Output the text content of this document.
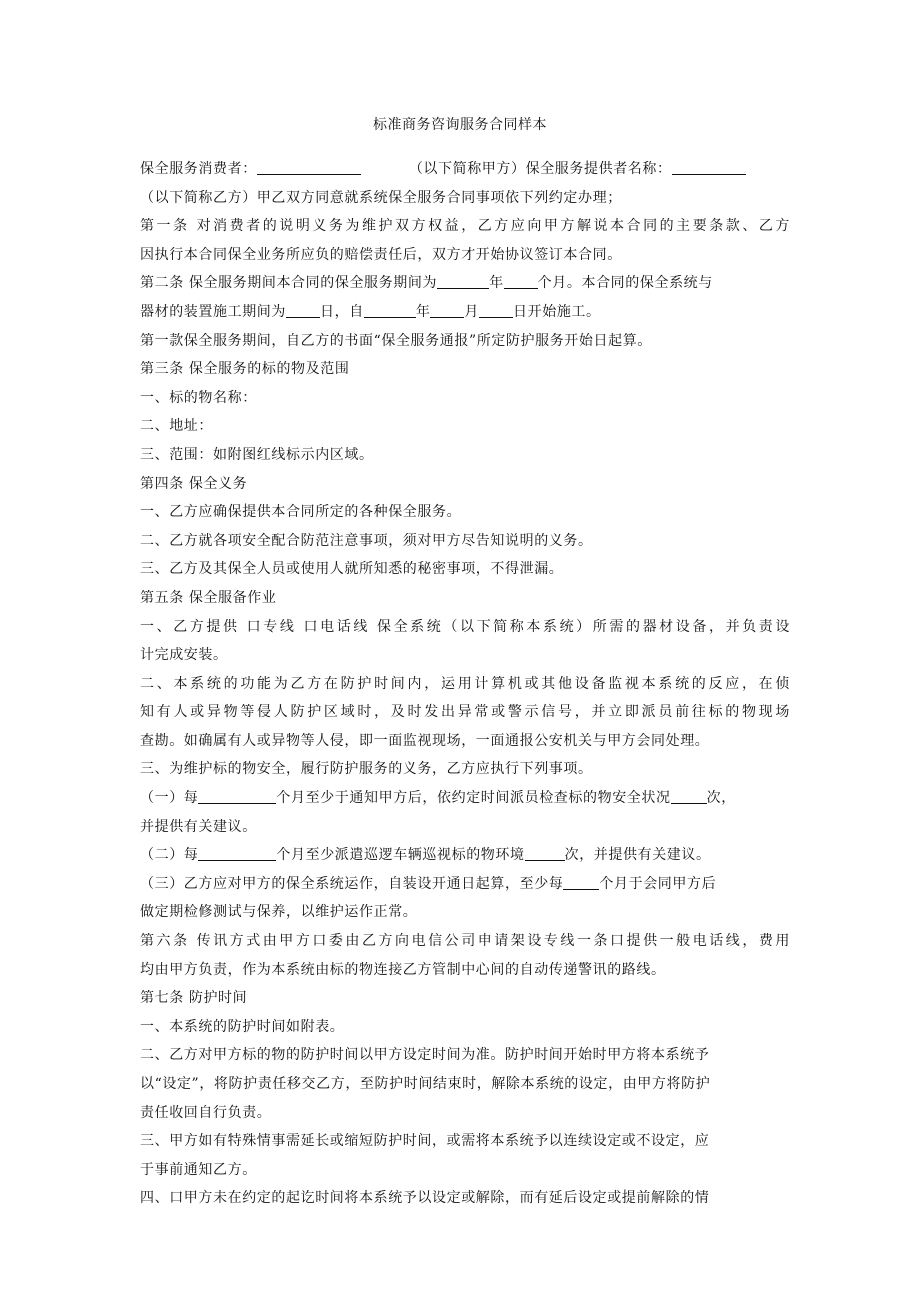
标准商务咨询服务合同样本
保全服务消费者：	（以下简称甲方）保全服务提供者名称：
（以下简称乙方）甲乙双方同意就系统保全服务合同事项依下列约定办理；
第一条 对消费者的说明义务为维护双方权益，乙方应向甲方解说本合同的主要条款、乙方
因执行本合同保全业务所应负的赔偿责任后，双方才开始协议签订本合同。
第二条 保全服务期间本合同的保全服务期间为	年 个月。本合同的保全系统与
器材的装置施工期间为 日，自	年 月 日开始施工。
第一款保全服务期间，自乙方的书面“保全服务通报”所定防护服务开始日起算。
第三条 保全服务的标的物及范围
一、标的物名称：
二、地址：
三、范围：如附图红线标示内区域。
第四条 保全义务
一、乙方应确保提供本合同所定的各种保全服务。
二、乙方就各项安全配合防范注意事项，须对甲方尽告知说明的义务。
三、乙方及其保全人员或使用人就所知悉的秘密事项，不得泄漏。
第五条 保全服备作业
一、乙方提供 口专线 口电话线 保全系统（以下简称本系统）所需的器材设备，并负责设
计完成安装。
二、本系统的功能为乙方在防护时间内，运用计算机或其他设备监视本系统的反应，在侦
知有人或异物等侵人防护区域时，及时发出异常或警示信号，并立即派员前往标的物现场
查勘。如确属有人或异物等人侵，即一面监视现场，一面通报公安机关与甲方会同处理。
三、为维护标的物安全，履行防护服务的义务，乙方应执行下列事项。
（一）每	个月至少于通知甲方后，依约定时间派员检查标的物安全状况	次，
并提供有关建议。
（二）每	个月至少派遣巡逻车辆巡视标的物环境	次，并提供有关建议。
（三）乙方应对甲方的保全系统运作，自装设开通日起算，至少每	个月于会同甲方后
做定期检修测试与保养，以维护运作正常。
第六条 传讯方式由甲方口委由乙方向电信公司申请架设专线一条口提供一般电话线，费用
均由甲方负责，作为本系统由标的物连接乙方管制中心间的自动传递警讯的路线。
第七条 防护时间
一、本系统的防护时间如附表。
二、乙方对甲方标的物的防护时间以甲方设定时间为准。防护时间开始时甲方将本系统予
以“设定”，将防护责任移交乙方，至防护时间结束时，解除本系统的设定，由甲方将防护
责任收回自行负责。
三、甲方如有特殊情事需延长或缩短防护时间，或需将本系统予以连续设定或不设定，应
于事前通知乙方。
四、口甲方未在约定的起讫时间将本系统予以设定或解除，而有延后设定或提前解除的情
